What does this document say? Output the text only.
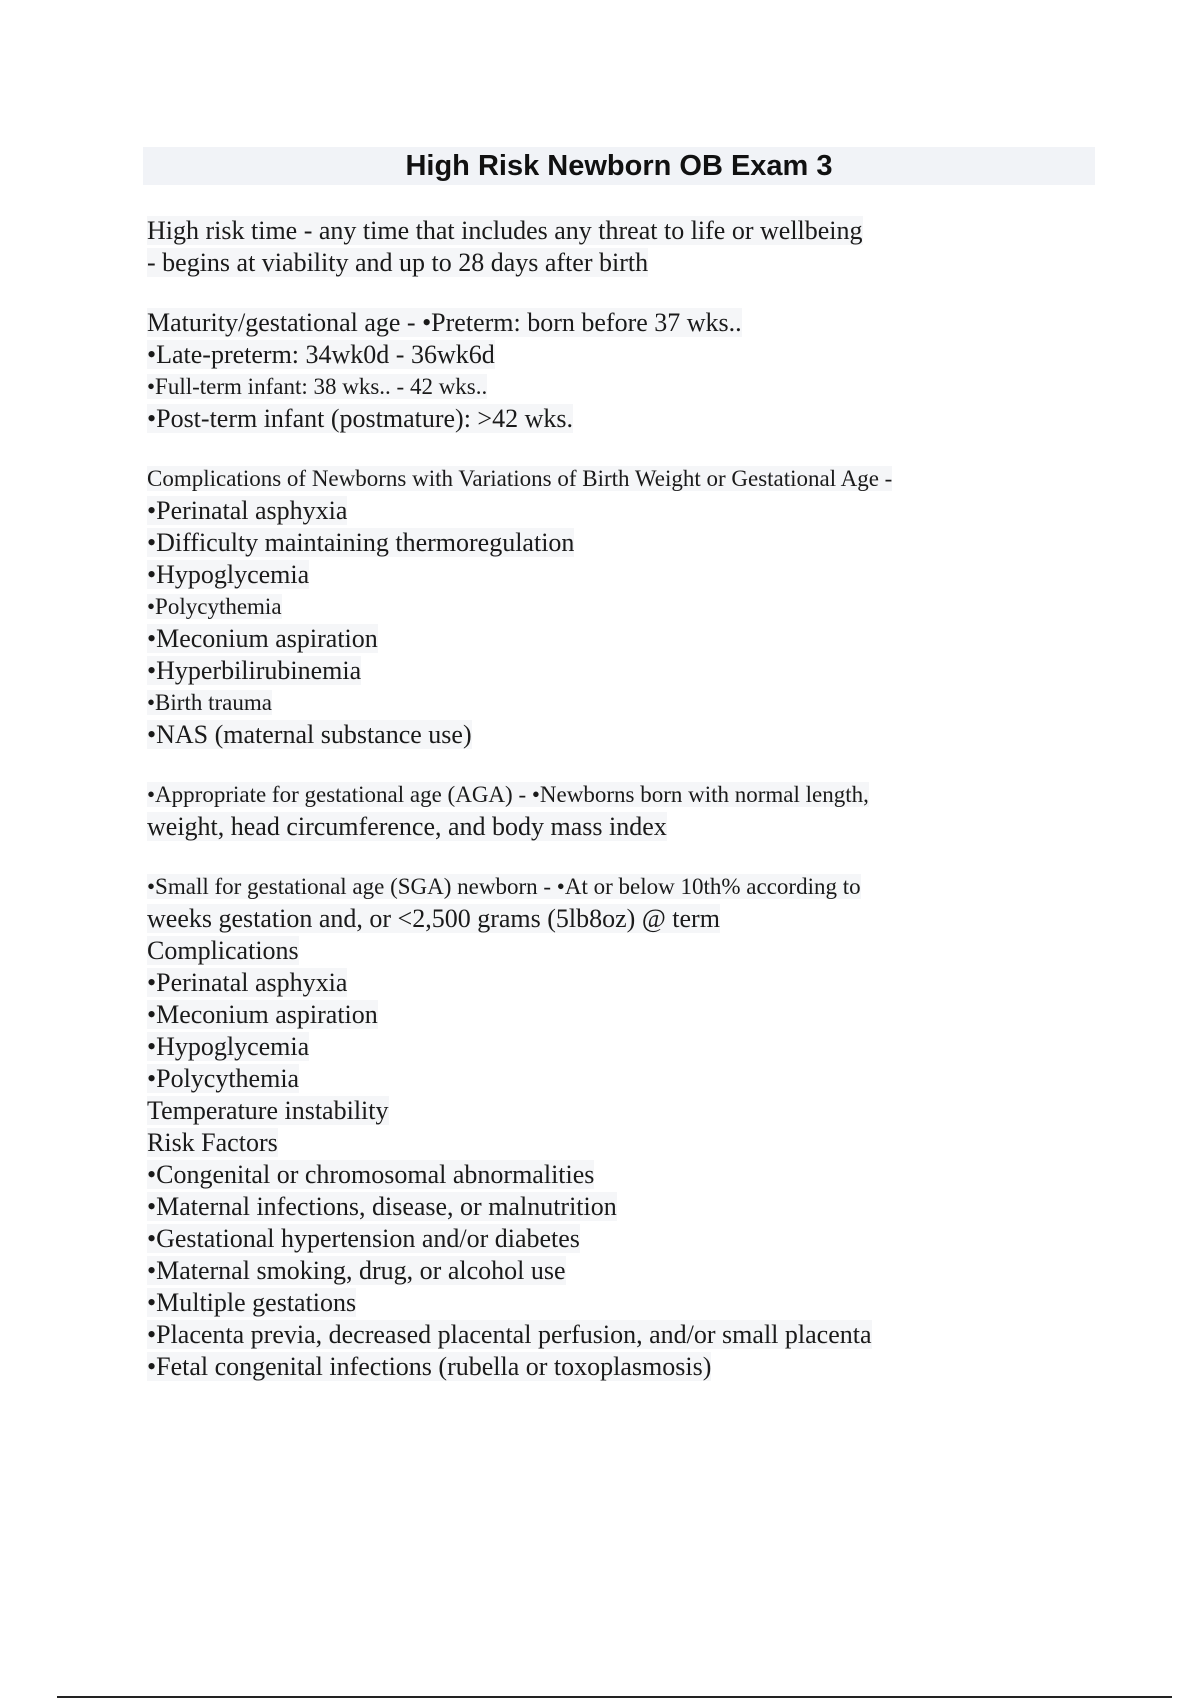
High Risk Newborn OB Exam 3
High risk time - any time that includes any threat to life or wellbeing
- begins at viability and up to 28 days after birth
Maturity/gestational age - •Preterm: born before 37 wks..
•Late-preterm: 34wk0d - 36wk6d
•Full-term infant: 38 wks.. - 42 wks..
•Post-term infant (postmature): >42 wks.
Complications of Newborns with Variations of Birth Weight or Gestational Age -
•Perinatal asphyxia
•Difficulty maintaining thermoregulation
•Hypoglycemia
•Polycythemia
•Meconium aspiration
•Hyperbilirubinemia
•Birth trauma
•NAS (maternal substance use)
•Appropriate for gestational age (AGA) - •Newborns born with normal length,
weight, head circumference, and body mass index
•Small for gestational age (SGA) newborn - •At or below 10th% according to
weeks gestation and, or <2,500 grams (5lb8oz) @ term
Complications
•Perinatal asphyxia
•Meconium aspiration
•Hypoglycemia
•Polycythemia
Temperature instability
Risk Factors
•Congenital or chromosomal abnormalities
•Maternal infections, disease, or malnutrition
•Gestational hypertension and/or diabetes
•Maternal smoking, drug, or alcohol use
•Multiple gestations
•Placenta previa, decreased placental perfusion, and/or small placenta
•Fetal congenital infections (rubella or toxoplasmosis)
